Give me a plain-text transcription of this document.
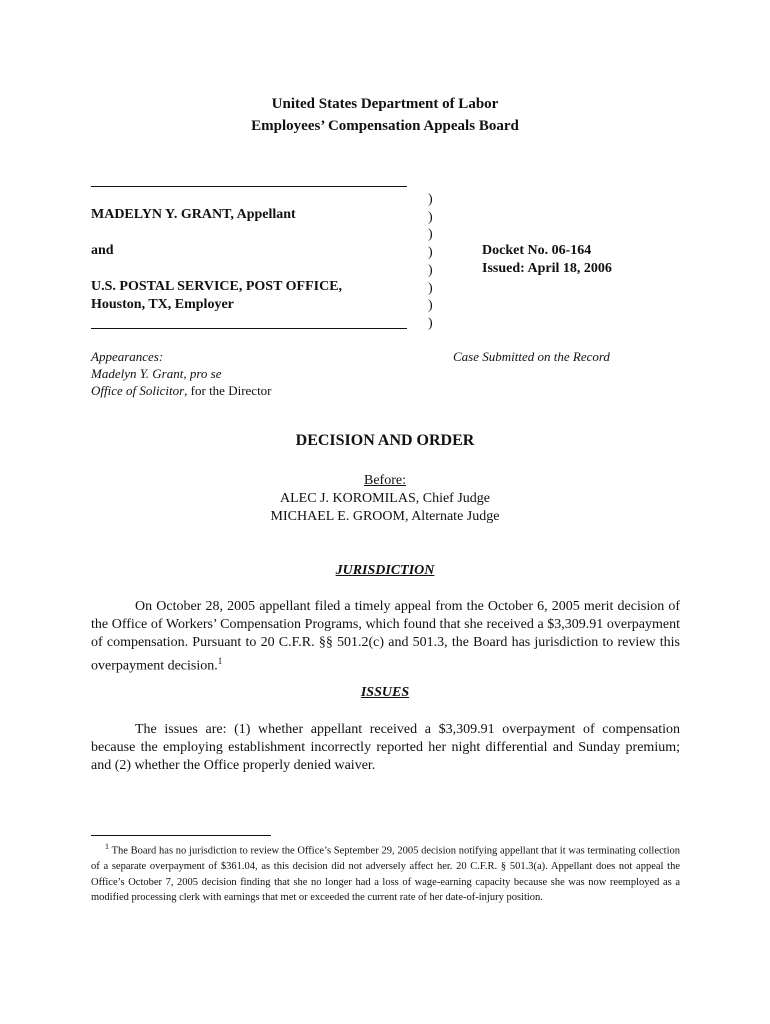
United States Department of Labor
Employees’ Compensation Appeals Board
MADELYN Y. GRANT, Appellant
and
U.S. POSTAL SERVICE, POST OFFICE,
Houston, TX, Employer
)
)
)
)
)
)
)
)
Docket No. 06-164
Issued: April 18, 2006
Appearances:
Madelyn Y. Grant, pro se
Office of Solicitor, for the Director
Case Submitted on the Record
DECISION AND ORDER
Before:
ALEC J. KOROMILAS, Chief Judge
MICHAEL E. GROOM, Alternate Judge
JURISDICTION

On October 28, 2005 appellant filed a timely appeal from the October 6, 2005 merit decision of the Office of Workers’ Compensation Programs, which found that she received a $3,309.91 overpayment of compensation. Pursuant to 20 C.F.R. §§ 501.2(c) and 501.3, the Board has jurisdiction to review this overpayment decision.$^1$

ISSUES

The issues are: (1) whether appellant received a $3,309.91 overpayment of compensation because the employing establishment incorrectly reported her night differential and Sunday premium; and (2) whether the Office properly denied waiver.

$^1$ The Board has no jurisdiction to review the Office’s September 29, 2005 decision notifying appellant that it was terminating collection of a separate overpayment of $361.04, as this decision did not adversely affect her. 20 C.F.R. § 501.3(a). Appellant does not appeal the Office’s October 7, 2005 decision finding that she no longer had a loss of wage-earning capacity because she was now reemployed as a modified processing clerk with earnings that met or exceeded the current rate of her date-of-injury position.
